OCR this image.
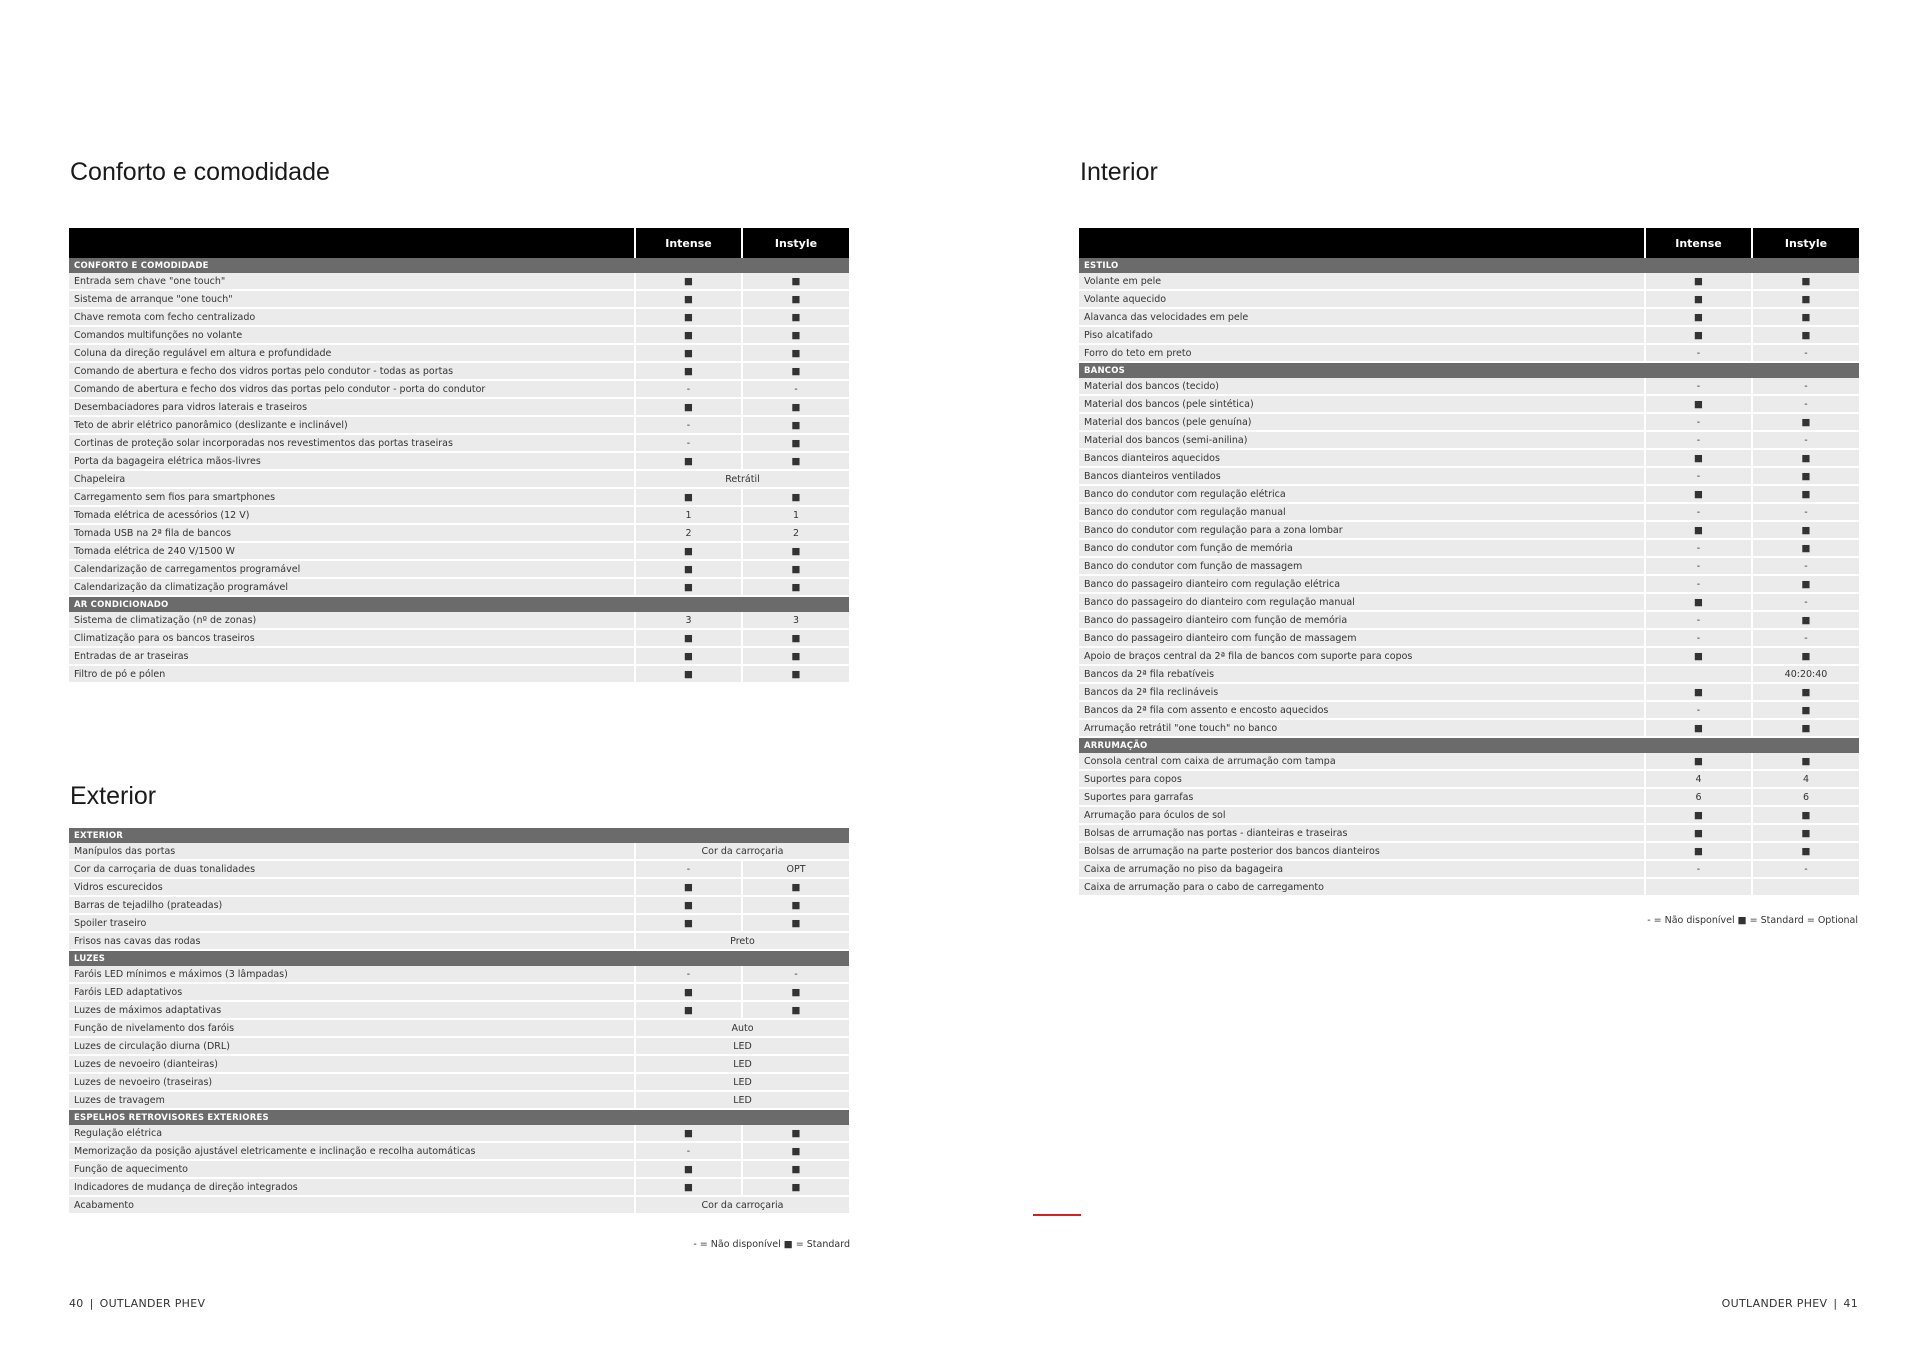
Conforto e comodidade
	Intense	Instyle
CONFORTO E COMODIDADE		
Entrada sem chave "one touch"	■	■
Sistema de arranque "one touch"	■	■
Chave remota com fecho centralizado	■	■
Comandos multifunções no volante	■	■
Coluna da direção regulável em altura e profundidade	■	■
Comando de abertura e fecho dos vidros portas pelo condutor - todas as portas	■	■
Comando de abertura e fecho dos vidros das portas pelo condutor - porta do condutor	-	-
Desembaciadores para vidros laterais e traseiros	■	■
Teto de abrir elétrico panorâmico (deslizante e inclinável)	-	■
Cortinas de proteção solar incorporadas nos revestimentos das portas traseiras	-	■
Porta da bagageira elétrica mãos-livres	■	■
Chapeleira	Retrátil	
Carregamento sem fios para smartphones	■	■
Tomada elétrica de acessórios (12 V)	1	1
Tomada USB na 2ª fila de bancos	2	2
Tomada elétrica de 240 V/1500 W	■	■
Calendarização de carregamentos programável	■	■
Calendarização da climatização programável	■	■
AR CONDICIONADO		
Sistema de climatização (nº de zonas)	3	3
Climatização para os bancos traseiros	■	■
Entradas de ar traseiras	■	■
Filtro de pó e pólen	■	■
Exterior
EXTERIOR		
Manípulos das portas	Cor da carroçaria	
Cor da carroçaria de duas tonalidades	-	OPT
Vidros escurecidos	■	■
Barras de tejadilho (prateadas)	■	■
Spoiler traseiro	■	■
Frisos nas cavas das rodas	Preto	
LUZES		
Faróis LED mínimos e máximos (3 lâmpadas)	-	-
Faróis LED adaptativos	■	■
Luzes de máximos adaptativas	■	■
Função de nivelamento dos faróis	Auto	
Luzes de circulação diurna (DRL)	LED	
Luzes de nevoeiro (dianteiras)	LED	
Luzes de nevoeiro (traseiras)	LED	
Luzes de travagem	LED	
ESPELHOS RETROVISORES EXTERIORES		
Regulação elétrica	■	■
Memorização da posição ajustável eletricamente e inclinação e recolha automáticas	-	■
Função de aquecimento	■	■
Indicadores de mudança de direção integrados	■	■
Acabamento	Cor da carroçaria	
- = Não disponível ■ = Standard
Interior
	Intense	Instyle
ESTILO		
Volante em pele	■	■
Volante aquecido	■	■
Alavanca das velocidades em pele	■	■
Piso alcatifado	■	■
Forro do teto em preto	-	-
BANCOS		
Material dos bancos (tecido)	-	-
Material dos bancos (pele sintética)	■	-
Material dos bancos (pele genuína)	-	■
Material dos bancos (semi-anilina)	-	-
Bancos dianteiros aquecidos	■	■
Bancos dianteiros ventilados	-	■
Banco do condutor com regulação elétrica	■	■
Banco do condutor com regulação manual	-	-
Banco do condutor com regulação para a zona lombar	■	■
Banco do condutor com função de memória	-	■
Banco do condutor com função de massagem	-	-
Banco do passageiro dianteiro com regulação elétrica	-	■
Banco do passageiro do dianteiro com regulação manual	■	-
Banco do passageiro dianteiro com função de memória	-	■
Banco do passageiro dianteiro com função de massagem	-	-
Apoio de braços central da 2ª fila de bancos com suporte para copos	■	■
Bancos da 2ª fila rebatíveis		40:20:40
Bancos da 2ª fila reclináveis	■	■
Bancos da 2ª fila com assento e encosto aquecidos	-	■
Arrumação retrátil "one touch" no banco	■	■
ARRUMAÇÃO		
Consola central com caixa de arrumação com tampa	■	■
Suportes para copos	4	4
Suportes para garrafas	6	6
Arrumação para óculos de sol	■	■
Bolsas de arrumação nas portas - dianteiras e traseiras	■	■
Bolsas de arrumação na parte posterior dos bancos dianteiros	■	■
Caixa de arrumação no piso da bagageira	-	-
Caixa de arrumação para o cabo de carregamento		
- = Não disponível ■ = Standard = Optional
40 | OUTLANDER PHEV	OUTLANDER PHEV | 41
